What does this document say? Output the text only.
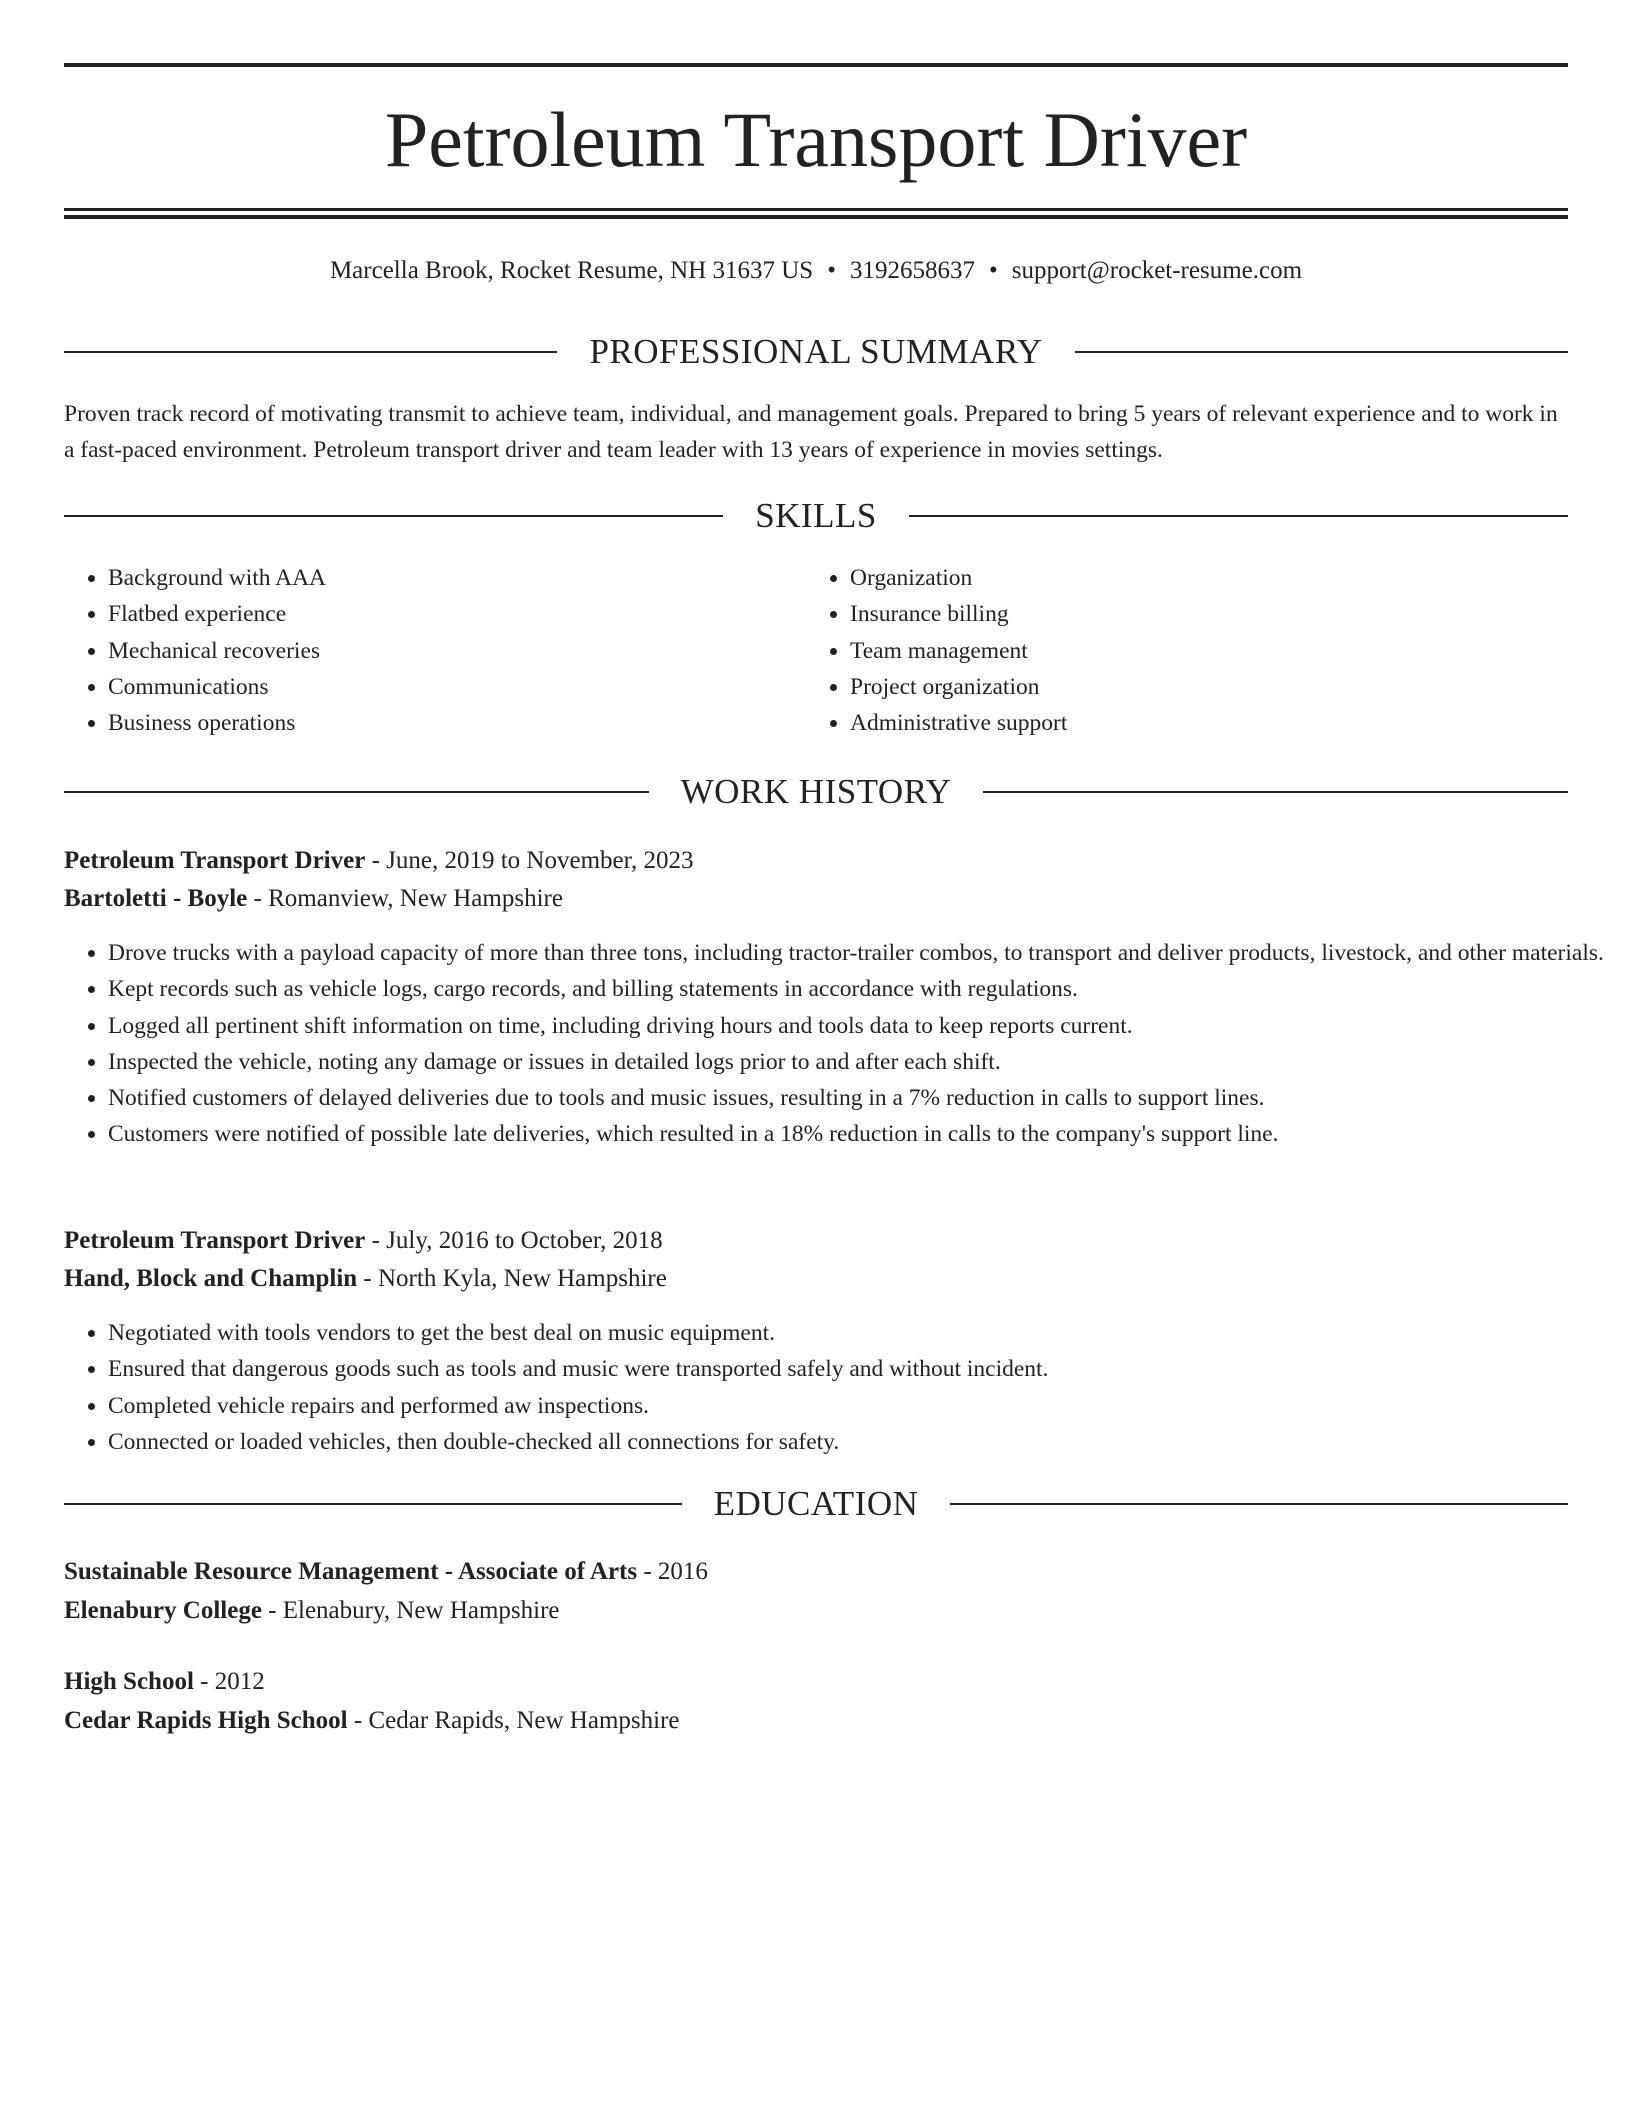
Petroleum Transport Driver
Marcella Brook, Rocket Resume, NH 31637 US • 3192658637 • support@rocket-resume.com
PROFESSIONAL SUMMARY

Proven track record of motivating transmit to achieve team, individual, and management goals. Prepared to bring 5 years of relevant experience and to work in a fast-paced environment. Petroleum transport driver and team leader with 13 years of experience in movies settings.

SKILLS
• Background with AAA
• Flatbed experience
• Mechanical recoveries
• Communications
• Business operations
• Organization
• Insurance billing
• Team management
• Project organization
• Administrative support
WORK HISTORY
Petroleum Transport Driver - June, 2019 to November, 2023
Bartoletti - Boyle - Romanview, New Hampshire
• Drove trucks with a payload capacity of more than three tons, including tractor-trailer combos, to transport and deliver products, livestock, and other materials.
• Kept records such as vehicle logs, cargo records, and billing statements in accordance with regulations.
• Logged all pertinent shift information on time, including driving hours and tools data to keep reports current.
• Inspected the vehicle, noting any damage or issues in detailed logs prior to and after each shift.
• Notified customers of delayed deliveries due to tools and music issues, resulting in a 7% reduction in calls to support lines.
• Customers were notified of possible late deliveries, which resulted in a 18% reduction in calls to the company's support line.
Petroleum Transport Driver - July, 2016 to October, 2018
Hand, Block and Champlin - North Kyla, New Hampshire
• Negotiated with tools vendors to get the best deal on music equipment.
• Ensured that dangerous goods such as tools and music were transported safely and without incident.
• Completed vehicle repairs and performed aw inspections.
• Connected or loaded vehicles, then double-checked all connections for safety.
EDUCATION
Sustainable Resource Management - Associate of Arts - 2016
Elenabury College - Elenabury, New Hampshire
High School - 2012
Cedar Rapids High School - Cedar Rapids, New Hampshire
